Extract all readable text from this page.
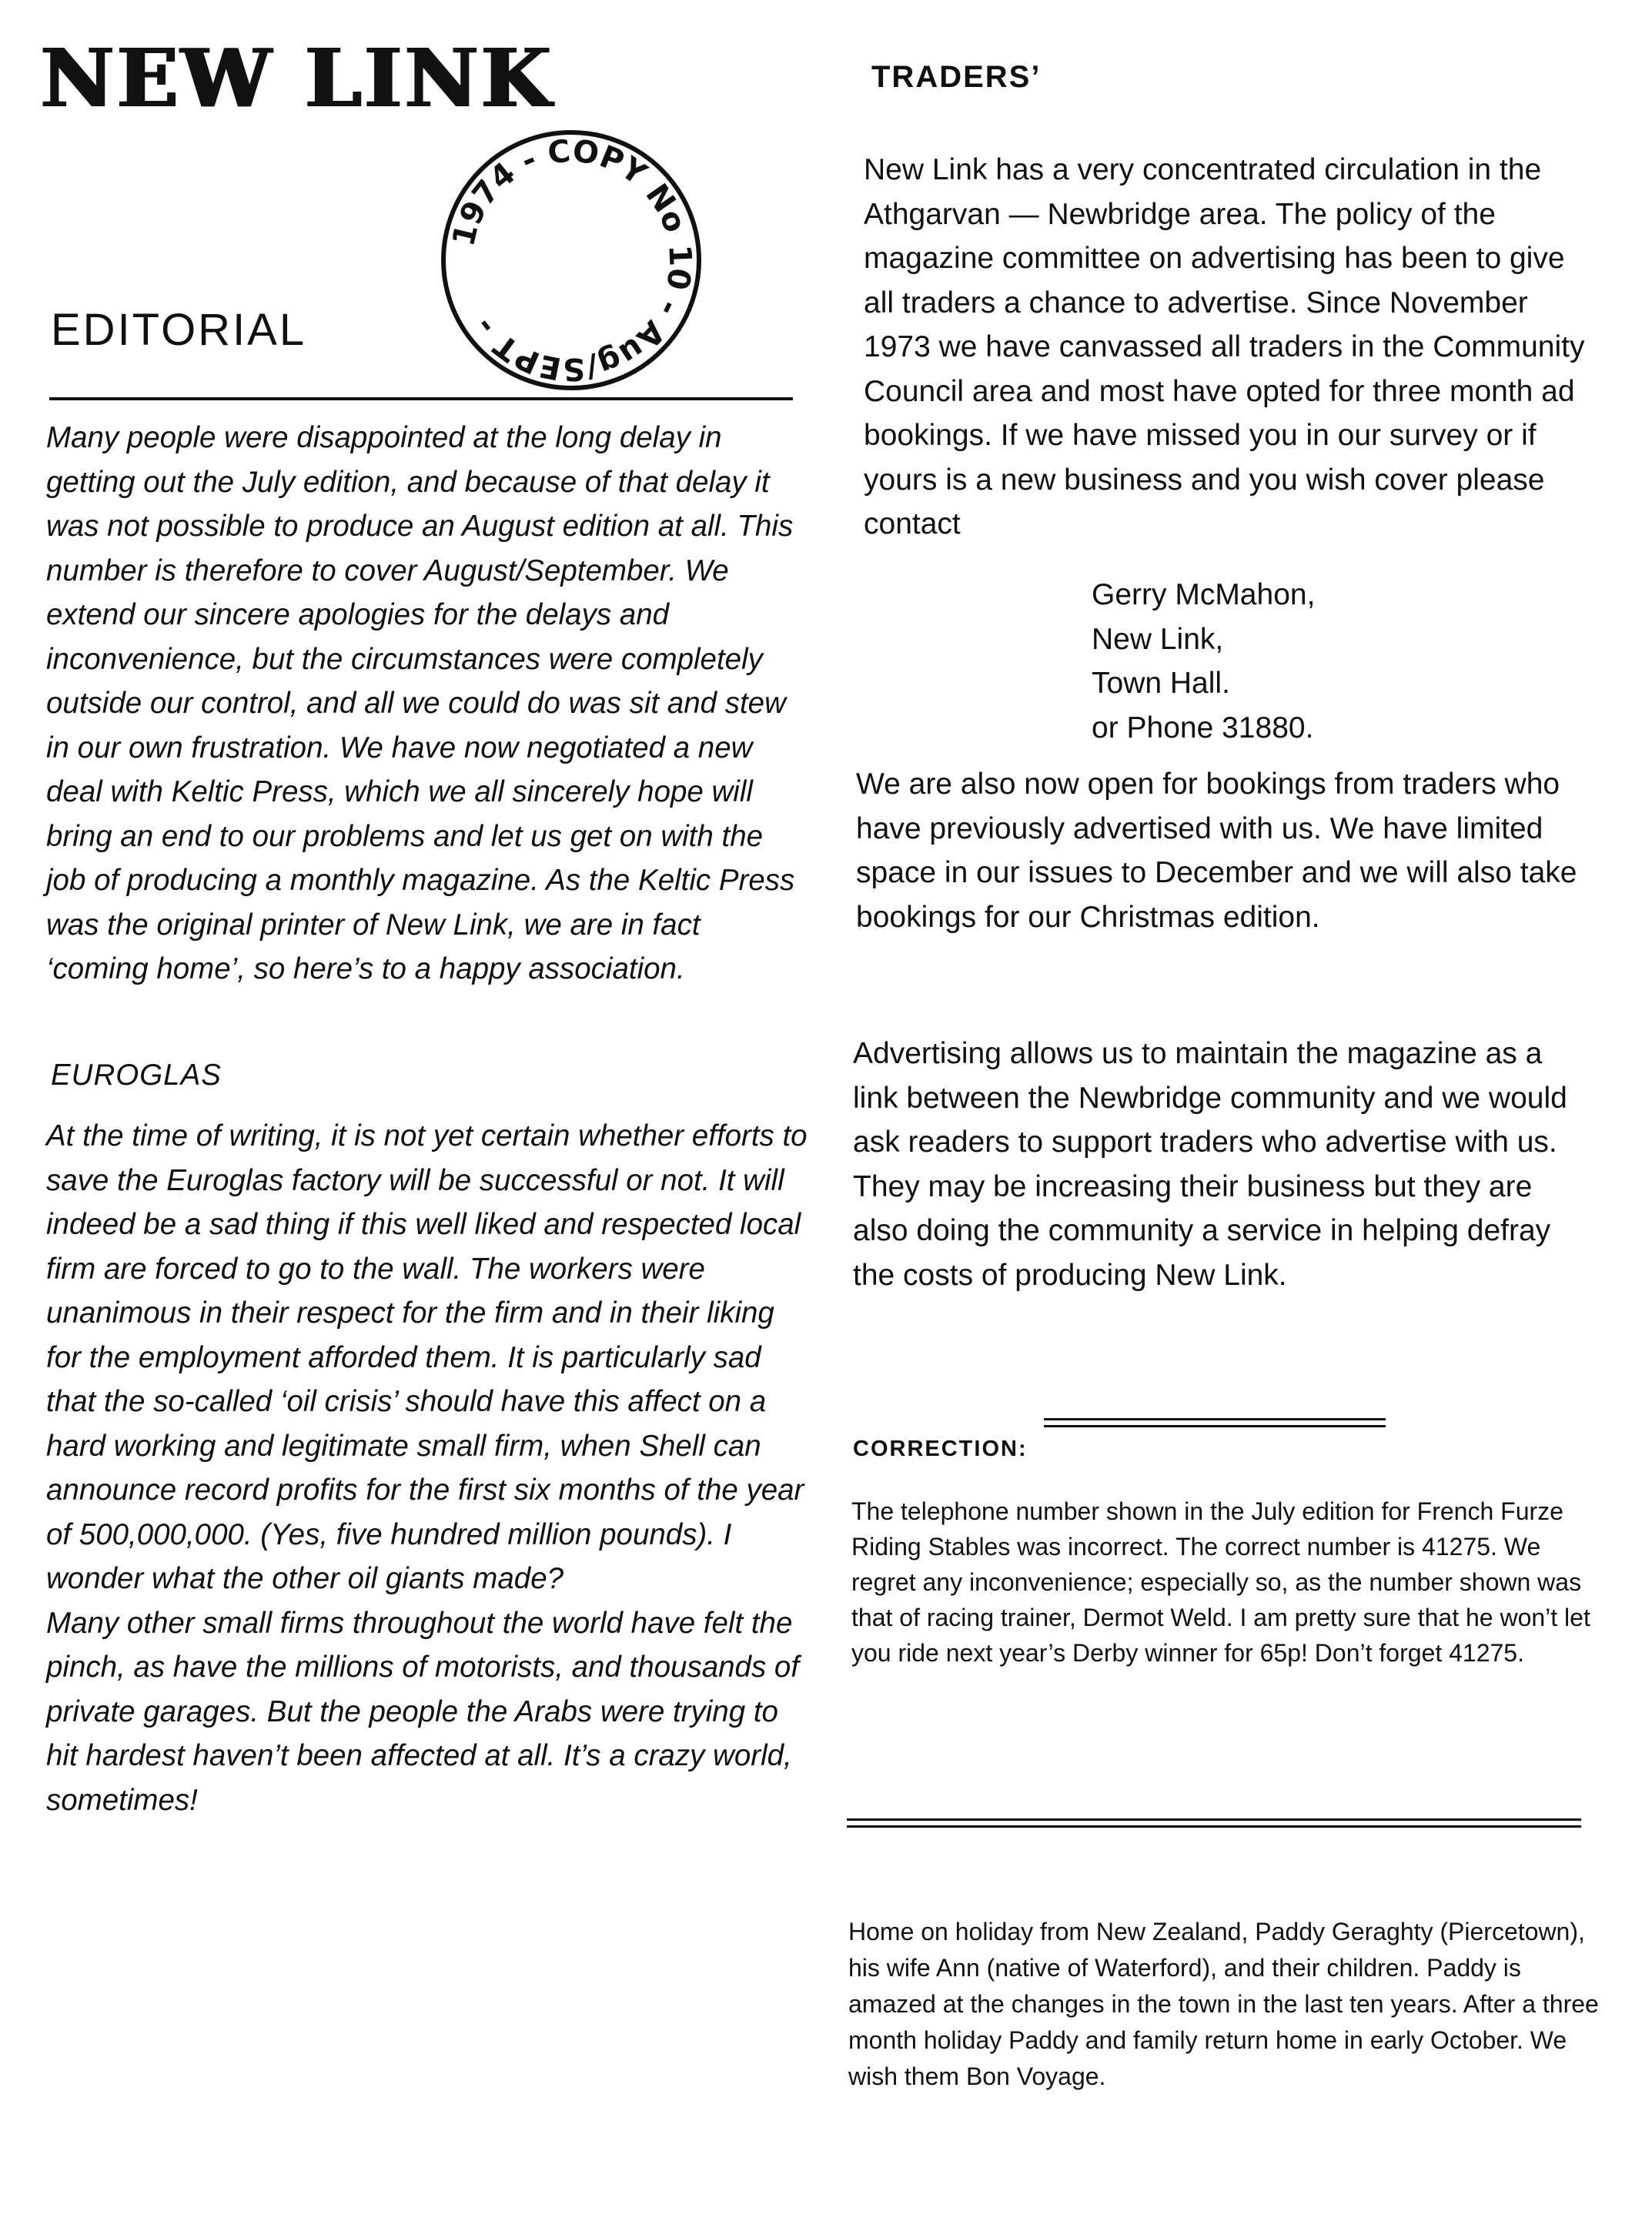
NEW LINK
1974 - COPY No 10 - Aug/SEPT -
EDITORIAL

Many people were disappointed at the long delay in getting out the July edition, and because of that delay it was not possible to produce an August edition at all. This number is therefore to cover August/September. We extend our sincere apologies for the delays and inconvenience, but the circumstances were completely outside our control, and all we could do was sit and stew in our own frustration. We have now negotiated a new deal with Keltic Press, which we all sincerely hope will bring an end to our problems and let us get on with the job of producing a monthly magazine. As the Keltic Press was the original printer of New Link, we are in fact ‘coming home’, so here’s to a happy association.

EUROGLAS

At the time of writing, it is not yet certain whether efforts to save the Euroglas factory will be successful or not. It will indeed be a sad thing if this well liked and respected local firm are forced to go to the wall. The workers were unanimous in their respect for the firm and in their liking for the employment afforded them. It is particularly sad that the so-called ‘oil crisis’ should have this affect on a hard working and legitimate small firm, when Shell can announce record profits for the first six months of the year of 500,000,000. (Yes, five hundred million pounds). I wonder what the other oil giants made?

Many other small firms throughout the world have felt the pinch, as have the millions of motorists, and thousands of private garages. But the people the Arabs were trying to hit hardest haven’t been affected at all. It’s a crazy world, sometimes!

TRADERS’

New Link has a very concentrated circulation in the Athgarvan — Newbridge area. The policy of the magazine committee on advertising has been to give all traders a chance to advertise. Since November 1973 we have canvassed all traders in the Community Council area and most have opted for three month ad bookings. If we have missed you in our survey or if yours is a new business and you wish cover please contact

Gerry McMahon,
New Link,
Town Hall.
or Phone 31880.

We are also now open for bookings from traders who have previously advertised with us. We have limited space in our issues to December and we will also take bookings for our Christmas edition.

Advertising allows us to maintain the magazine as a link between the Newbridge community and we would ask readers to support traders who advertise with us. They may be increasing their business but they are also doing the community a service in helping defray the costs of producing New Link.

CORRECTION:
The telephone number shown in the July edition for French Furze Riding Stables was incorrect. The correct number is 41275. We regret any inconvenience; especially so, as the number shown was that of racing trainer, Dermot Weld. I am pretty sure that he won’t let you ride next year’s Derby winner for 65p! Don’t forget 41275.
Home on holiday from New Zealand, Paddy Geraghty (Piercetown), his wife Ann (native of Waterford), and their children. Paddy is amazed at the changes in the town in the last ten years. After a three month holiday Paddy and family return home in early October. We wish them Bon Voyage.
